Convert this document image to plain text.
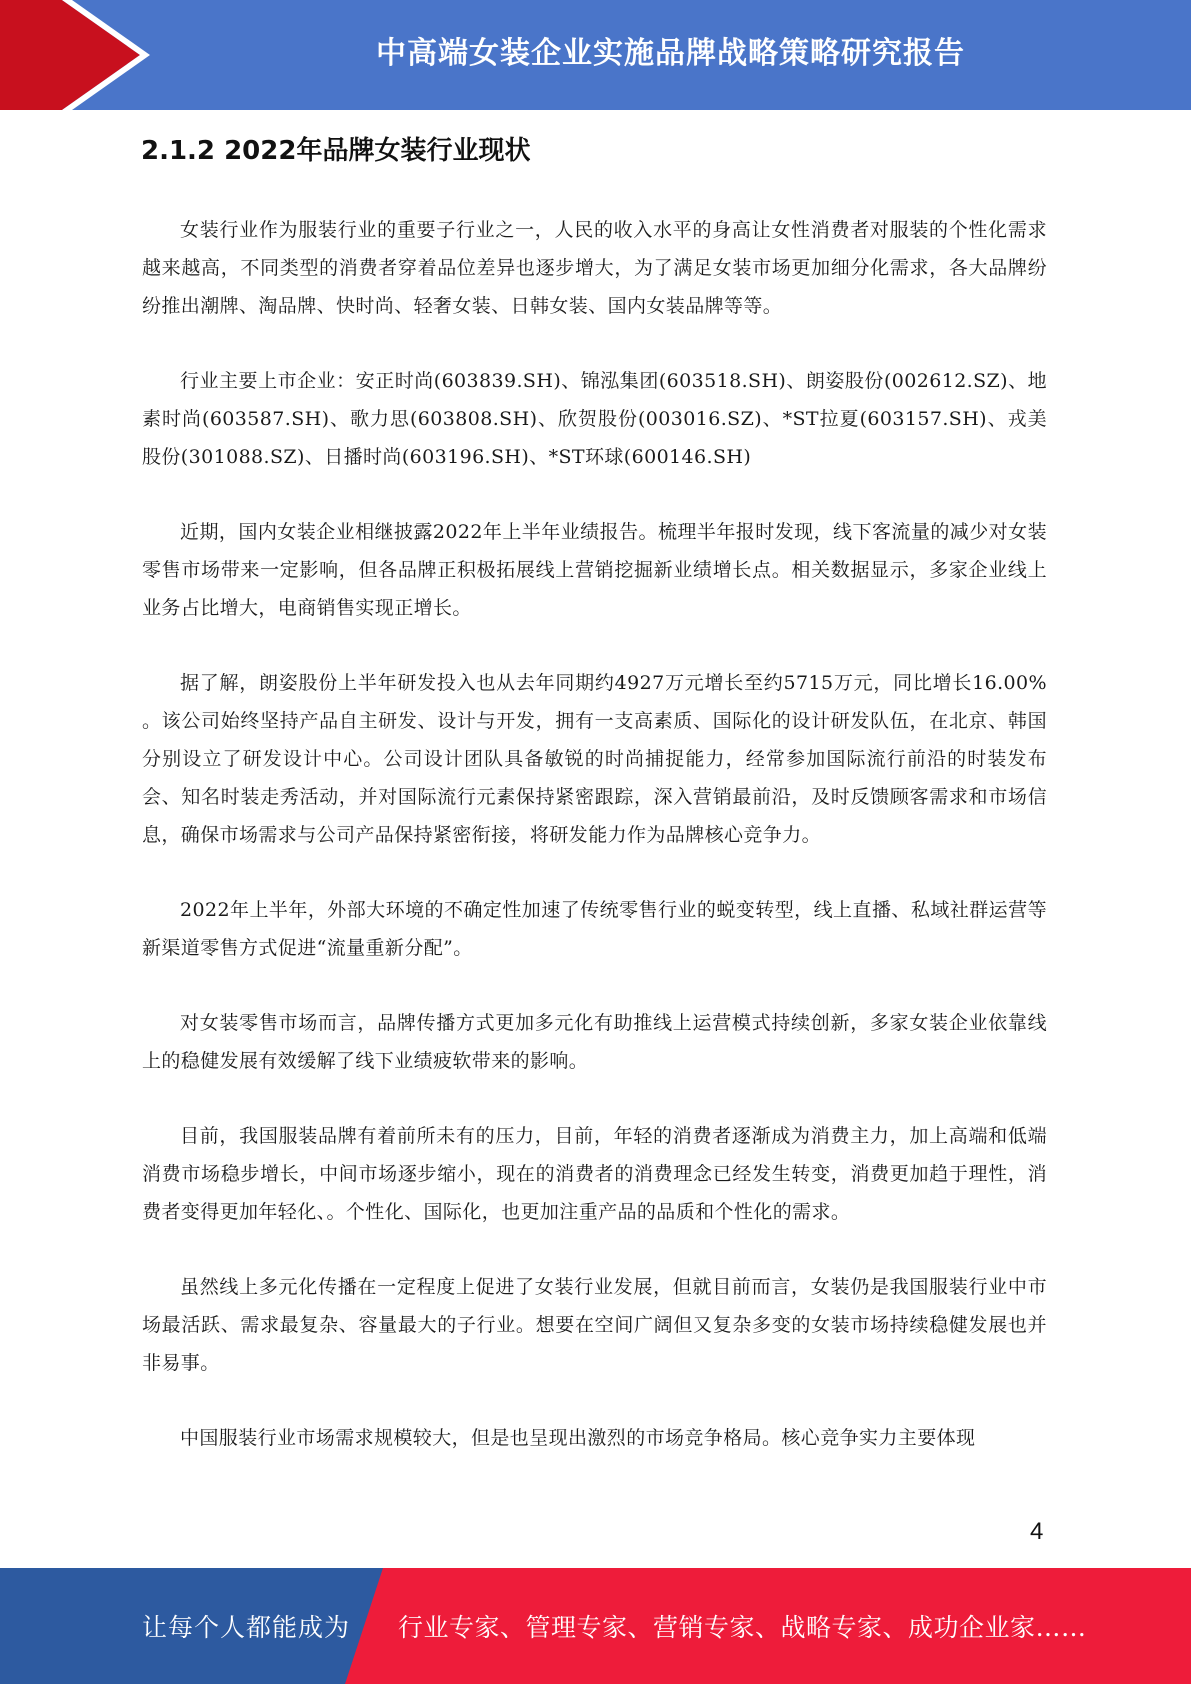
中高端女装企业实施品牌战略策略研究报告
2.1.2 2022年品牌女装行业现状

女装行业作为服装行业的重要子行业之一，人民的收入水平的身高让女性消费者对服装的个性化需求越来越高，不同类型的消费者穿着品位差异也逐步增大，为了满足女装市场更加细分化需求，各大品牌纷纷推出潮牌、淘品牌、快时尚、轻奢女装、日韩女装、国内女装品牌等等。

行业主要上市企业：安正时尚(603839.SH)、锦泓集团(603518.SH)、朗姿股份(002612.SZ)、地素时尚(603587.SH)、歌力思(603808.SH)、欣贺股份(003016.SZ)、*ST拉夏(603157.SH)、戎美股份(301088.SZ)、日播时尚(603196.SH)、*ST环球(600146.SH)

近期，国内女装企业相继披露2022年上半年业绩报告。梳理半年报时发现，线下客流量的减少对女装零售市场带来一定影响，但各品牌正积极拓展线上营销挖掘新业绩增长点。相关数据显示，多家企业线上业务占比增大，电商销售实现正增长。

据了解，朗姿股份上半年研发投入也从去年同期约4927万元增长至约5715万元，同比增长16.00% 。该公司始终坚持产品自主研发、设计与开发，拥有一支高素质、国际化的设计研发队伍，在北京、韩国分别设立了研发设计中心。公司设计团队具备敏锐的时尚捕捉能力，经常参加国际流行前沿的时装发布会、知名时装走秀活动，并对国际流行元素保持紧密跟踪，深入营销最前沿，及时反馈顾客需求和市场信息，确保市场需求与公司产品保持紧密衔接，将研发能力作为品牌核心竞争力。

2022年上半年，外部大环境的不确定性加速了传统零售行业的蜕变转型，线上直播、私域社群运营等新渠道零售方式促进“流量重新分配”。

对女装零售市场而言，品牌传播方式更加多元化有助推线上运营模式持续创新，多家女装企业依靠线上的稳健发展有效缓解了线下业绩疲软带来的影响。

目前，我国服装品牌有着前所未有的压力，目前，年轻的消费者逐渐成为消费主力，加上高端和低端消费市场稳步增长，中间市场逐步缩小，现在的消费者的消费理念已经发生转变，消费更加趋于理性，消费者变得更加年轻化、。个性化、国际化，也更加注重产品的品质和个性化的需求。

虽然线上多元化传播在一定程度上促进了女装行业发展，但就目前而言，女装仍是我国服装行业中市场最活跃、需求最复杂、容量最大的子行业。想要在空间广阔但又复杂多变的女装市场持续稳健发展也并非易事。

中国服装行业市场需求规模较大，但是也呈现出激烈的市场竞争格局。核心竞争实力主要体现

4
让每个人都能成为 行业专家、管理专家、营销专家、战略专家、成功企业家……
